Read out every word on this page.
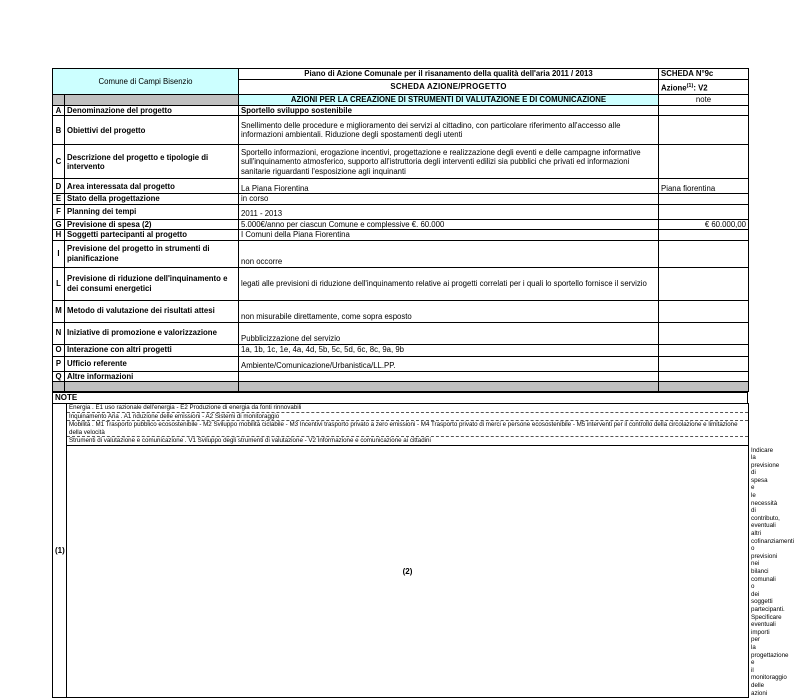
Comune di Campi Bisenzio		Piano di Azione Comunale per il risanamento della qualità dell'aria 2011 / 2013	SCHEDA N°9c
		SCHEDA AZIONE/PROGETTO	Azione$^{(1)}$: V2
		AZIONI PER LA CREAZIONE DI STRUMENTI DI VALUTAZIONE E DI COMUNICAZIONE	note
A	Denominazione del progetto	Sportello sviluppo sostenibile	
B	Obiettivi del progetto	Snellimento delle procedure e miglioramento dei servizi al cittadino, con particolare riferimento all'accesso alle informazioni ambientali. Riduzione degli spostamenti degli utenti	
C	Descrizione del progetto e tipologie di intervento	Sportello informazioni, erogazione incentivi, progettazione e realizzazione degli eventi e delle campagne informative sull'inquinamento atmosferico, supporto all'istruttoria degli interventi edilizi sia pubblici che privati ed informazioni sanitarie riguardanti l'esposizione agli inquinanti	
D	Area interessata dal progetto	La Piana Fiorentina	Piana fiorentina
E	Stato della progettazione	in corso	
F	Planning dei tempi	2011 - 2013	
G	Previsione di spesa (2)	5.000€/anno per ciascun Comune e complessive €. 60.000	€ 60.000,00
H	Soggetti partecipanti al progetto	I Comuni della Piana Fiorentina	
I	Previsione del progetto in strumenti di pianificazione	non occorre	
L	Previsione di riduzione dell'inquinamento e dei consumi energetici	legati alle previsioni di riduzione dell'inquinamento relative ai progetti correlati per i quali lo sportello fornisce il servizio	
M	Metodo di valutazione dei risultati attesi	non misurabile direttamente, come sopra esposto	
N	Iniziative di promozione e valorizzazione	Pubblicizzazione del servizio	
O	Interazione con altri progetti	1a, 1b, 1c, 1e, 4a, 4d, 5b, 5c, 5d, 6c, 8c, 9a, 9b	
P	Ufficio referente	Ambiente/Comunicazione/Urbanistica/LL.PP.	
Q	Altre informazioni		

NOTE
(1)	Energia . E1 uso razionale dell'energia - E2 Produzione di energia da fonti rinnovabili	
	Inquinamento Aria . A1 riduzione delle emissioni - A2 Sistemi di monitoraggio	
	Mobilità . M1 Trasporto pubblico ecosostenibile - M2 Sviluppo mobilità ciclabile - M3 Incentivi trasporto privato a zero emissioni - M4 Trasporto privato di merci e persone ecosostenibile - M5 interventi per il controllo della circolazione e limitazione della velocità	
	Strumenti di valutazione e comunicazione . V1 Sviluppo degli strumenti di valutazione - V2 Informazione e comunicazione ai cittadini	
	(2)	Indicare la previsione di spesa e le necessità di contributo, eventuali altri cofinanziamenti o previsioni nei bilanci comunali o dei soggetti partecipanti. Specificare eventuali importi per la progettazione e il monitoraggio delle azioni
